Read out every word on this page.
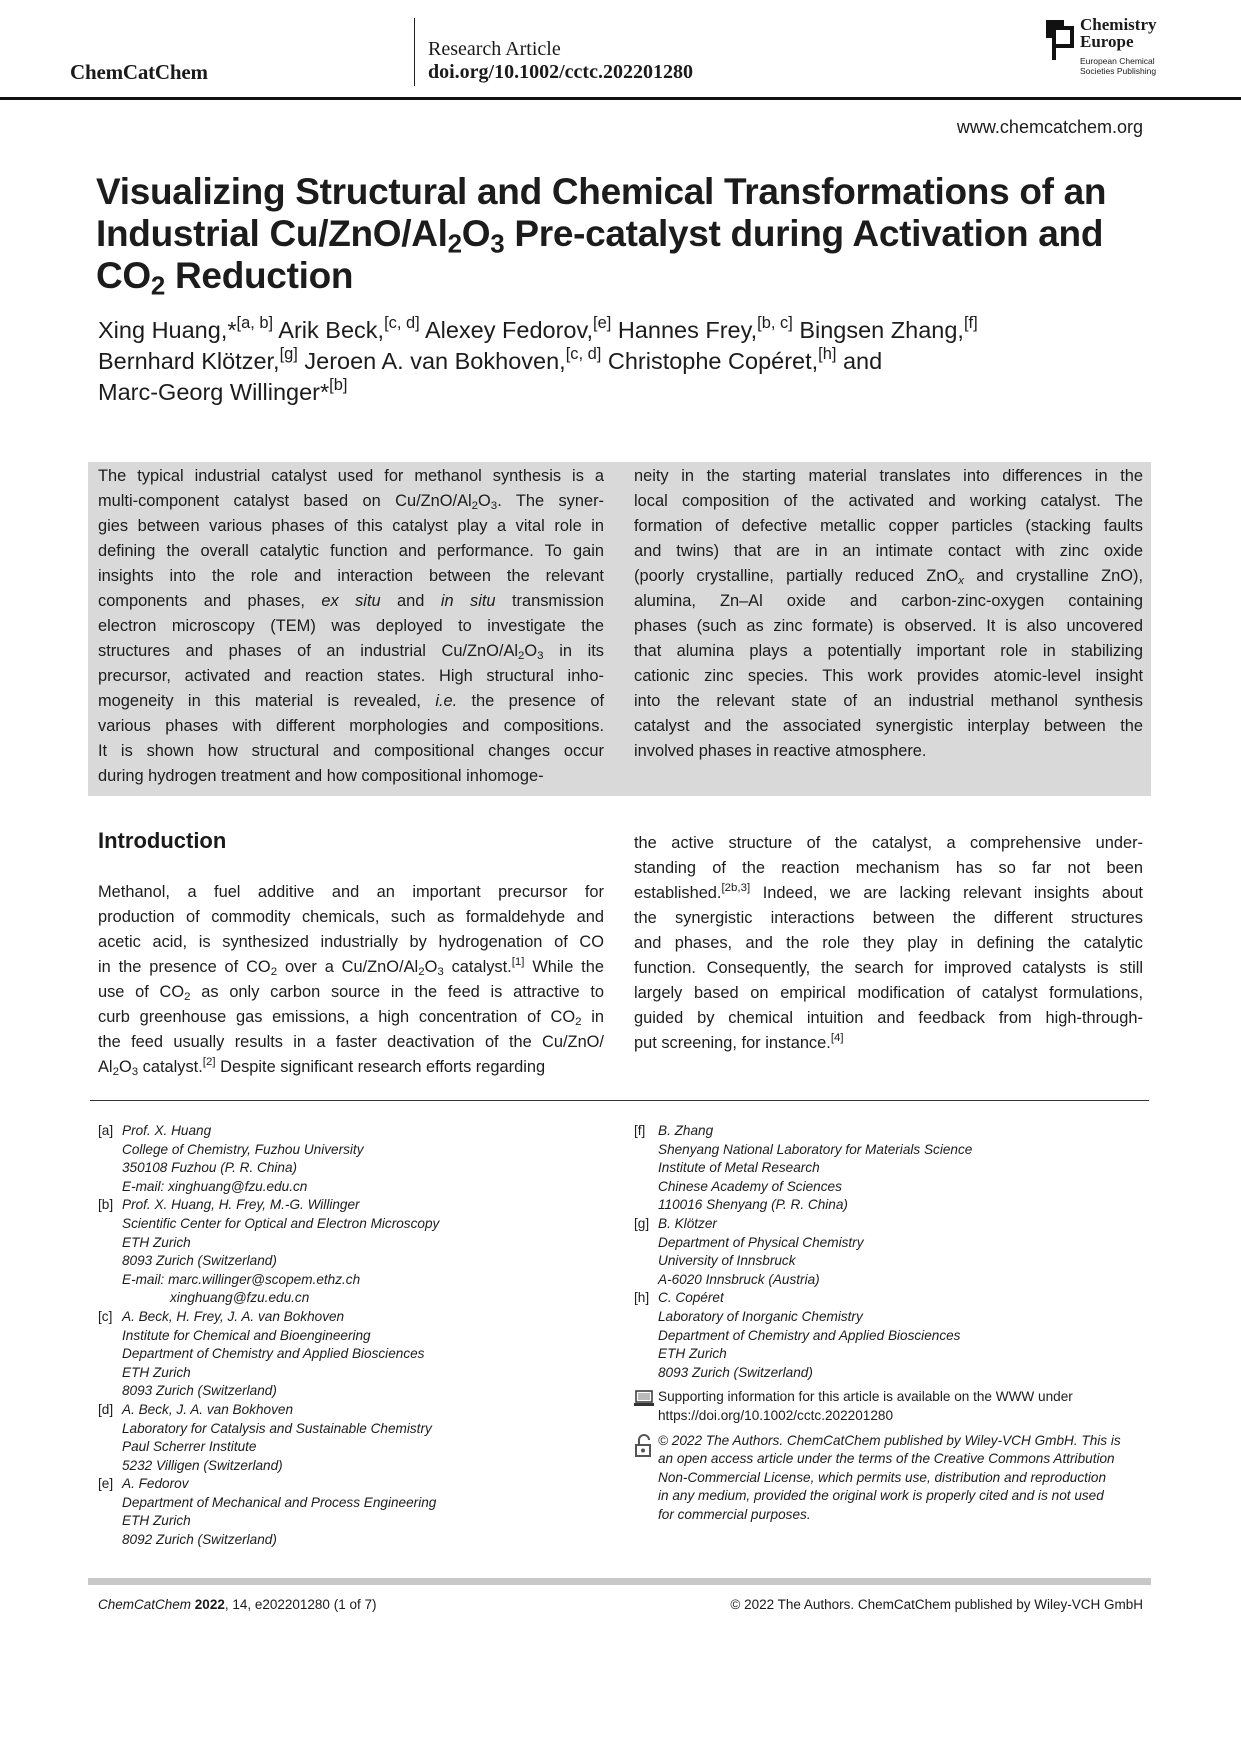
ChemCatChem
Research Article
doi.org/10.1002/cctc.202201280
Chemistry
Europe
European Chemical
Societies Publishing
www.chemcatchem.org
Visualizing Structural and Chemical Transformations of an
Industrial $Cu/ZnO/Al_2O_3$ Pre-catalyst during Activation and
$CO_2$ Reduction
Xing Huang,*[a, b] Arik Beck,[c, d] Alexey Fedorov,[e] Hannes Frey,[b, c] Bingsen Zhang,[f]
Bernhard Klötzer,[g] Jeroen A. van Bokhoven,[c, d] Christophe Copéret,[h] and
Marc-Georg Willinger*[b]
The typical industrial catalyst used for methanol synthesis is a
multi-component catalyst based on $Cu/ZnO/Al_2O_3$. The syner-
gies between various phases of this catalyst play a vital role in
defining the overall catalytic function and performance. To gain
insights into the role and interaction between the relevant
components and phases, ex situ and in situ transmission
electron microscopy (TEM) was deployed to investigate the
structures and phases of an industrial $Cu/ZnO/Al_2O_3$ in its
precursor, activated and reaction states. High structural inho-
mogeneity in this material is revealed, i.e. the presence of
various phases with different morphologies and compositions.
It is shown how structural and compositional changes occur
during hydrogen treatment and how compositional inhomoge-
neity in the starting material translates into differences in the
local composition of the activated and working catalyst. The
formation of defective metallic copper particles (stacking faults
and twins) that are in an intimate contact with zinc oxide
(poorly crystalline, partially reduced ZnO$_x$ and crystalline ZnO),
alumina, Zn–Al oxide and carbon-zinc-oxygen containing
phases (such as zinc formate) is observed. It is also uncovered
that alumina plays a potentially important role in stabilizing
cationic zinc species. This work provides atomic-level insight
into the relevant state of an industrial methanol synthesis
catalyst and the associated synergistic interplay between the
involved phases in reactive atmosphere.
Introduction
Methanol, a fuel additive and an important precursor for
production of commodity chemicals, such as formaldehyde and
acetic acid, is synthesized industrially by hydrogenation of CO
in the presence of $CO_2$ over a $Cu/ZnO/Al_2O_3$ catalyst.[1] While the
use of $CO_2$ as only carbon source in the feed is attractive to
curb greenhouse gas emissions, a high concentration of $CO_2$ in
the feed usually results in a faster deactivation of the Cu/ZnO/
$Al_2O_3$ catalyst.[2] Despite significant research efforts regarding
the active structure of the catalyst, a comprehensive under-
standing of the reaction mechanism has so far not been
established.[2b,3] Indeed, we are lacking relevant insights about
the synergistic interactions between the different structures
and phases, and the role they play in defining the catalytic
function. Consequently, the search for improved catalysts is still
largely based on empirical modification of catalyst formulations,
guided by chemical intuition and feedback from high-through-
put screening, for instance.[4]
[a] Prof. X. Huang
College of Chemistry, Fuzhou University
350108 Fuzhou (P. R. China)
E-mail: xinghuang@fzu.edu.cn
[b] Prof. X. Huang, H. Frey, M.-G. Willinger
Scientific Center for Optical and Electron Microscopy
ETH Zurich
8093 Zurich (Switzerland)
E-mail: marc.willinger@scopem.ethz.ch
xinghuang@fzu.edu.cn
[c] A. Beck, H. Frey, J. A. van Bokhoven
Institute for Chemical and Bioengineering
Department of Chemistry and Applied Biosciences
ETH Zurich
8093 Zurich (Switzerland)
[d] A. Beck, J. A. van Bokhoven
Laboratory for Catalysis and Sustainable Chemistry
Paul Scherrer Institute
5232 Villigen (Switzerland)
[e] A. Fedorov
Department of Mechanical and Process Engineering
ETH Zurich
8092 Zurich (Switzerland)
[f] B. Zhang
Shenyang National Laboratory for Materials Science
Institute of Metal Research
Chinese Academy of Sciences
110016 Shenyang (P. R. China)
[g] B. Klötzer
Department of Physical Chemistry
University of Innsbruck
A-6020 Innsbruck (Austria)
[h] C. Copéret
Laboratory of Inorganic Chemistry
Department of Chemistry and Applied Biosciences
ETH Zurich
8093 Zurich (Switzerland)
Supporting information for this article is available on the WWW under
https://doi.org/10.1002/cctc.202201280
© 2022 The Authors. ChemCatChem published by Wiley-VCH GmbH. This is
an open access article under the terms of the Creative Commons Attribution
Non-Commercial License, which permits use, distribution and reproduction
in any medium, provided the original work is properly cited and is not used
for commercial purposes.
ChemCatChem 2022, 14, e202201280 (1 of 7)	© 2022 The Authors. ChemCatChem published by Wiley-VCH GmbH
